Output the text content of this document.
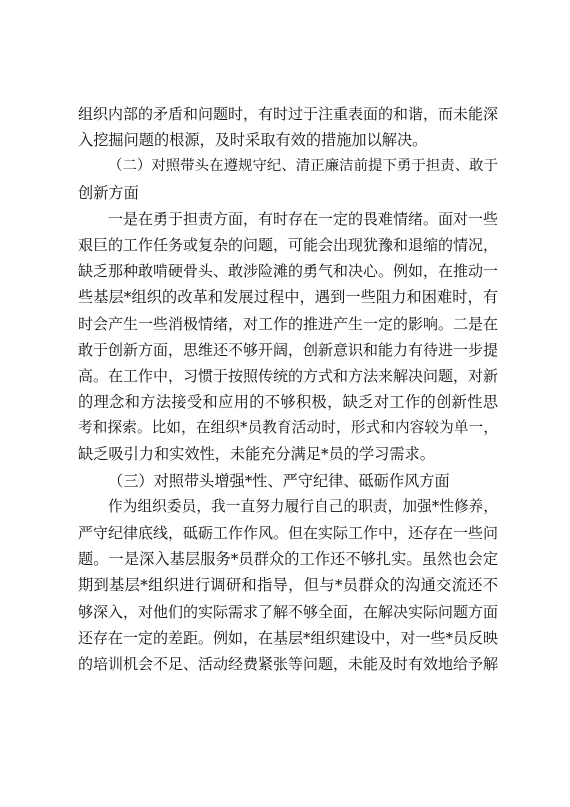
组织内部的矛盾和问题时，有时过于注重表面的和谐，而未能深
入挖掘问题的根源，及时采取有效的措施加以解决。
（二）对照带头在遵规守纪、清正廉洁前提下勇于担责、敢于
创新方面
一是在勇于担责方面，有时存在一定的畏难情绪。面对一些
艰巨的工作任务或复杂的问题，可能会出现犹豫和退缩的情况，
缺乏那种敢啃硬骨头、敢涉险滩的勇气和决心。例如，在推动一
些基层*组织的改革和发展过程中，遇到一些阻力和困难时，有
时会产生一些消极情绪，对工作的推进产生一定的影响。二是在
敢于创新方面，思维还不够开阔，创新意识和能力有待进一步提
高。在工作中，习惯于按照传统的方式和方法来解决问题，对新
的理念和方法接受和应用的不够积极，缺乏对工作的创新性思
考和探索。比如，在组织*员教育活动时，形式和内容较为单一，
缺乏吸引力和实效性，未能充分满足*员的学习需求。
（三）对照带头增强*性、严守纪律、砥砺作风方面
作为组织委员，我一直努力履行自己的职责，加强*性修养，
严守纪律底线，砥砺工作作风。但在实际工作中，还存在一些问
题。一是深入基层服务*员群众的工作还不够扎实。虽然也会定
期到基层*组织进行调研和指导，但与*员群众的沟通交流还不
够深入，对他们的实际需求了解不够全面，在解决实际问题方面
还存在一定的差距。例如，在基层*组织建设中，对一些*员反映
的培训机会不足、活动经费紧张等问题，未能及时有效地给予解
